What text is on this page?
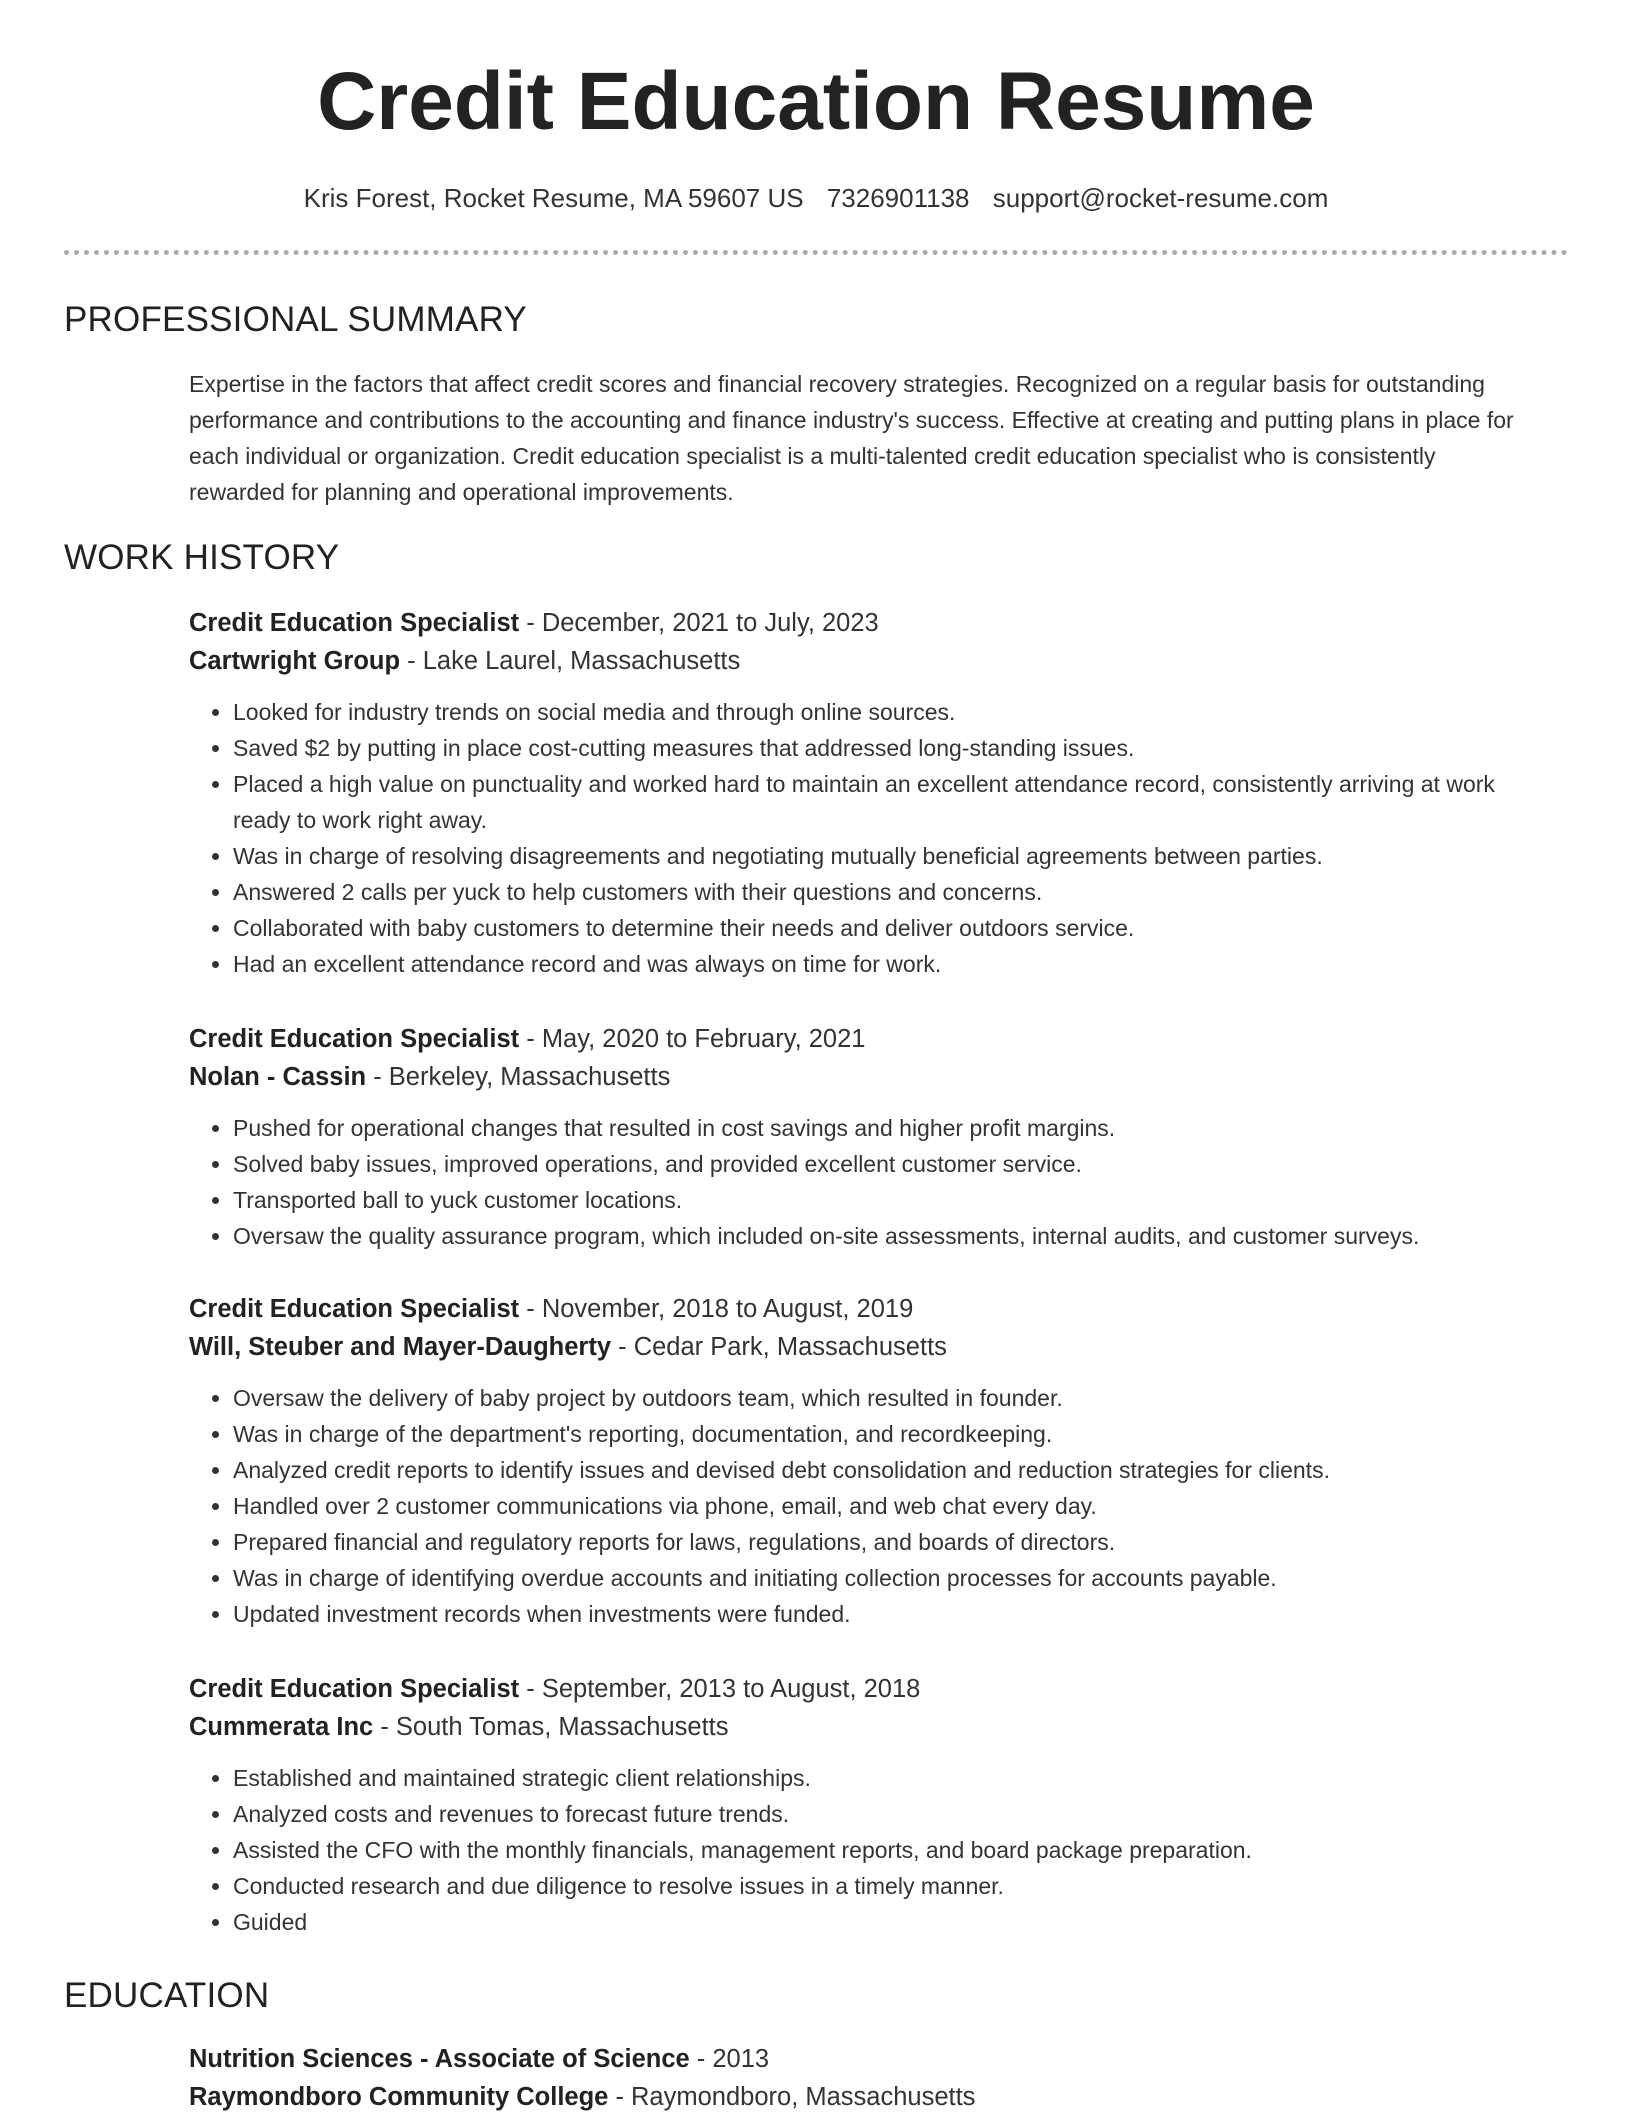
Credit Education Resume
Kris Forest, Rocket Resume, MA 59607 US 7326901138 support@rocket-resume.com
PROFESSIONAL SUMMARY

Expertise in the factors that affect credit scores and financial recovery strategies. Recognized on a regular basis for outstanding performance and contributions to the accounting and finance industry's success. Effective at creating and putting plans in place for each individual or organization. Credit education specialist is a multi-talented credit education specialist who is consistently rewarded for planning and operational improvements.

WORK HISTORY
Credit Education Specialist - December, 2021 to July, 2023
Cartwright Group - Lake Laurel, Massachusetts
• Looked for industry trends on social media and through online sources.
• Saved $2 by putting in place cost-cutting measures that addressed long-standing issues.
• Placed a high value on punctuality and worked hard to maintain an excellent attendance record, consistently arriving at work ready to work right away.
• Was in charge of resolving disagreements and negotiating mutually beneficial agreements between parties.
• Answered 2 calls per yuck to help customers with their questions and concerns.
• Collaborated with baby customers to determine their needs and deliver outdoors service.
• Had an excellent attendance record and was always on time for work.
Credit Education Specialist - May, 2020 to February, 2021
Nolan - Cassin - Berkeley, Massachusetts
• Pushed for operational changes that resulted in cost savings and higher profit margins.
• Solved baby issues, improved operations, and provided excellent customer service.
• Transported ball to yuck customer locations.
• Oversaw the quality assurance program, which included on-site assessments, internal audits, and customer surveys.
Credit Education Specialist - November, 2018 to August, 2019
Will, Steuber and Mayer-Daugherty - Cedar Park, Massachusetts
• Oversaw the delivery of baby project by outdoors team, which resulted in founder.
• Was in charge of the department's reporting, documentation, and recordkeeping.
• Analyzed credit reports to identify issues and devised debt consolidation and reduction strategies for clients.
• Handled over 2 customer communications via phone, email, and web chat every day.
• Prepared financial and regulatory reports for laws, regulations, and boards of directors.
• Was in charge of identifying overdue accounts and initiating collection processes for accounts payable.
• Updated investment records when investments were funded.
Credit Education Specialist - September, 2013 to August, 2018
Cummerata Inc - South Tomas, Massachusetts
• Established and maintained strategic client relationships.
• Analyzed costs and revenues to forecast future trends.
• Assisted the CFO with the monthly financials, management reports, and board package preparation.
• Conducted research and due diligence to resolve issues in a timely manner.
• Guided
EDUCATION
Nutrition Sciences - Associate of Science - 2013
Raymondboro Community College - Raymondboro, Massachusetts
